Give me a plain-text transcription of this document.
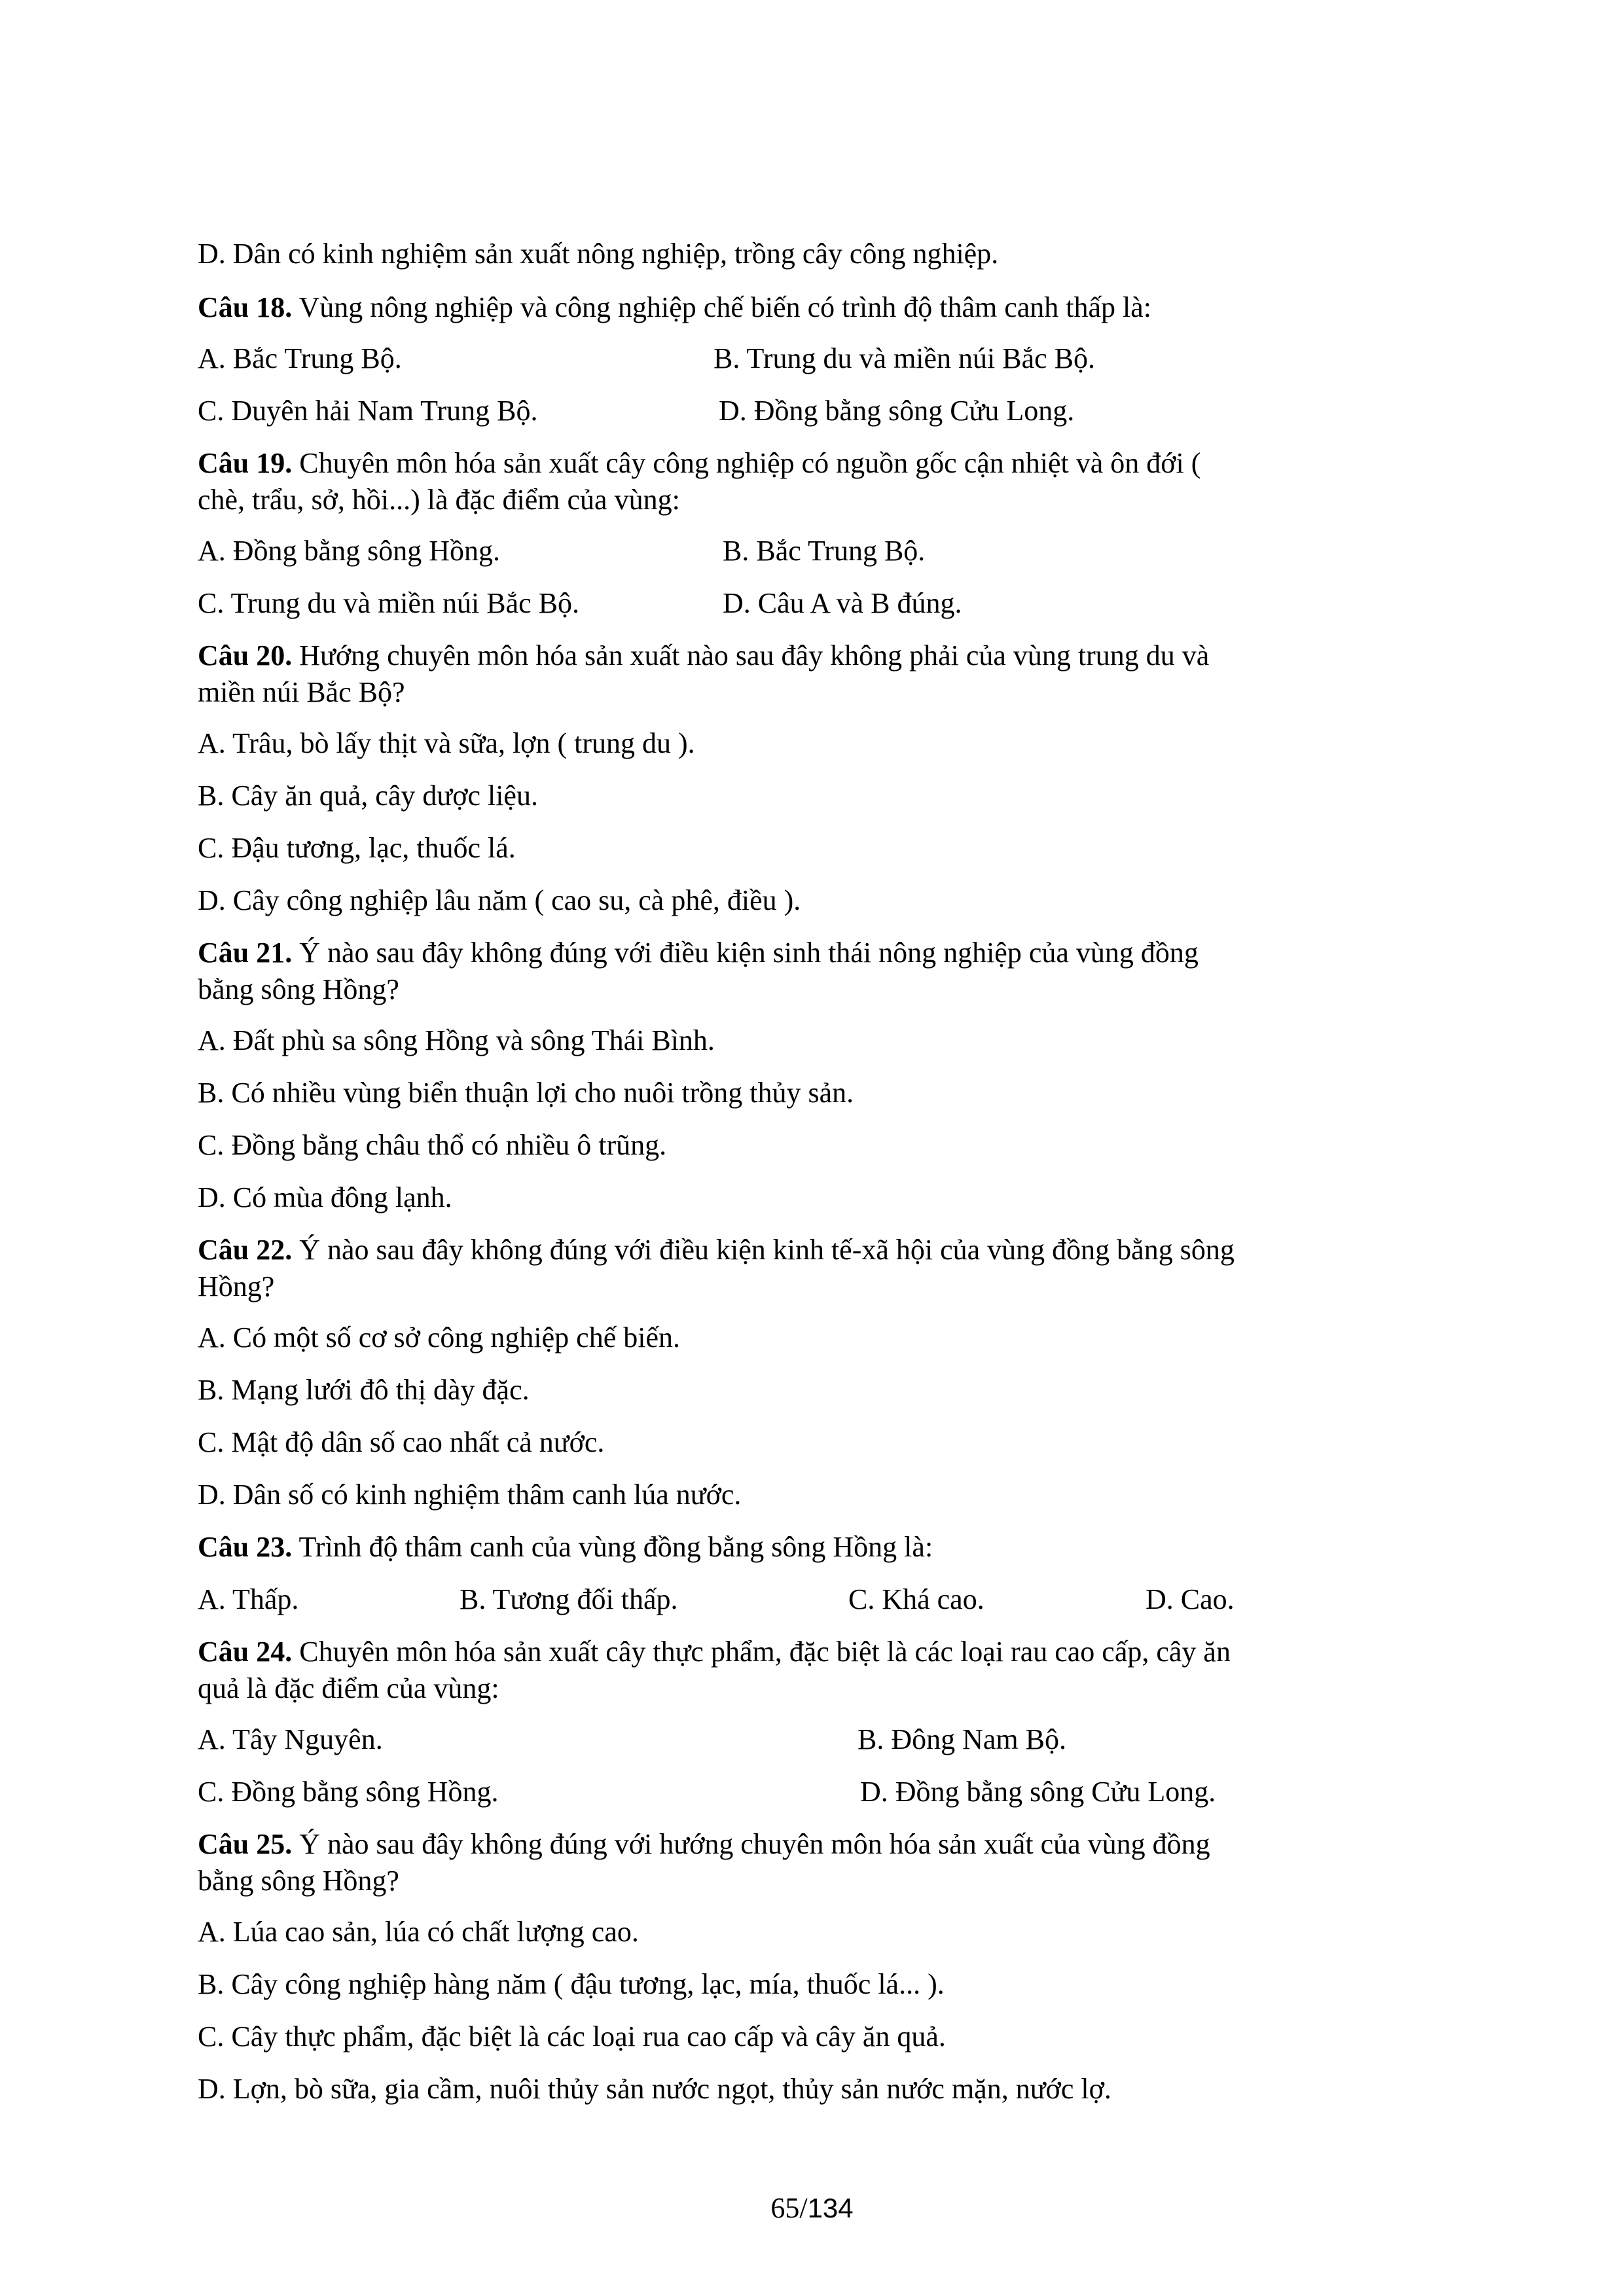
D. Dân có kinh nghiệm sản xuất nông nghiệp, trồng cây công nghiệp.
Câu 18. Vùng nông nghiệp và công nghiệp chế biến có trình độ thâm canh thấp là:
A. Bắc Trung Bộ.	B. Trung du và miền núi Bắc Bộ.
C. Duyên hải Nam Trung Bộ.	D. Đồng bằng sông Cửu Long.
Câu 19. Chuyên môn hóa sản xuất cây công nghiệp có nguồn gốc cận nhiệt và ôn đới ( chè, trẩu, sở, hồi...) là đặc điểm của vùng:
A. Đồng bằng sông Hồng.	B. Bắc Trung Bộ.
C. Trung du và miền núi Bắc Bộ.	D. Câu A và B đúng.
Câu 20. Hướng chuyên môn hóa sản xuất nào sau đây không phải của vùng trung du và miền núi Bắc Bộ?
A. Trâu, bò lấy thịt và sữa, lợn ( trung du ).
B. Cây ăn quả, cây dược liệu.
C. Đậu tương, lạc, thuốc lá.
D. Cây công nghiệp lâu năm ( cao su, cà phê, điều ).
Câu 21. Ý nào sau đây không đúng với điều kiện sinh thái nông nghiệp của vùng đồng bằng sông Hồng?
A. Đất phù sa sông Hồng và sông Thái Bình.
B. Có nhiều vùng biển thuận lợi cho nuôi trồng thủy sản.
C. Đồng bằng châu thổ có nhiều ô trũng.
D. Có mùa đông lạnh.
Câu 22. Ý nào sau đây không đúng với điều kiện kinh tế-xã hội của vùng đồng bằng sông Hồng?
A. Có một số cơ sở công nghiệp chế biến.
B. Mạng lưới đô thị dày đặc.
C. Mật độ dân số cao nhất cả nước.
D. Dân số có kinh nghiệm thâm canh lúa nước.
Câu 23. Trình độ thâm canh của vùng đồng bằng sông Hồng là:
A. Thấp.	B. Tương đối thấp.	C. Khá cao.	D. Cao.
Câu 24. Chuyên môn hóa sản xuất cây thực phẩm, đặc biệt là các loại rau cao cấp, cây ăn quả là đặc điểm của vùng:
A. Tây Nguyên.	B. Đông Nam Bộ.
C. Đồng bằng sông Hồng.	D. Đồng bằng sông Cửu Long.
Câu 25. Ý nào sau đây không đúng với hướng chuyên môn hóa sản xuất của vùng đồng bằng sông Hồng?
A. Lúa cao sản, lúa có chất lượng cao.
B. Cây công nghiệp hàng năm ( đậu tương, lạc, mía, thuốc lá... ).
C. Cây thực phẩm, đặc biệt là các loại rua cao cấp và cây ăn quả.
D. Lợn, bò sữa, gia cầm, nuôi thủy sản nước ngọt, thủy sản nước mặn, nước lợ.
65/134
